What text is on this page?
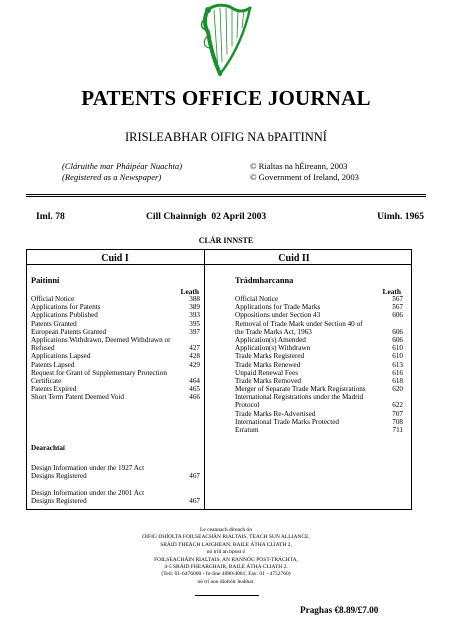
PATENTS OFFICE JOURNAL
IRISLEABHAR OIFIG NA bPAITINNÍ
(Cláruithe mar Pháipéar Nuachta)
(Registered as a Newspaper)
© Rialtas na hÉireann, 2003
© Government of Ireland, 2003
Iml. 78	Cill Chainnigh  02 April 2003	Uimh. 1965
CLÁR INNSTE
Cuid I	Cuid II
Paitinní
Leath
Official Notice	388
Applications for Patents	389
Applications Published	393
Patents Granted	395
European Patents Granted	397
Applications Withdrawn, Deemed Withdrawn or
Refused	427
Applications Lapsed	428
Patents Lapsed	429
Request for Grant of Supplementary Protection
Certificate	464
Patents Expired	465
Short Term Patent Deemed Void	466
Dearachtaí
Design Information under the 1927 Act
Designs Registered	467
Design Information under the 2001 Act
Designs Registered	467
Trádmharcanna
Leath
Official Notice	567
Applications for Trade Marks	567
Oppositions under Section 43	606
Removal of Trade Mark under Section 40 of
the Trade Marks Act, 1963	606
Application(s) Amended	606
Application(s) Withdrawn	610
Trade Marks Registered	610
Trade Marks Renewed	613
Unpaid Renewal Fees	616
Trade Marks Removed	618
Merger of Separate Trade Mark Registrations	620
International Registrations under the Madrid
Protocol	622
Trade Marks Re-Advertised	707
International Trade Marks Protected	708
Erratum	711
Le ceannach díreach ón
OIFIG DHÍOLTA FOILSEACHÁN RIALTAIS, TEACH SUN ALLIANCE,
SRÁID THEACH LAIGHEAN, BAILE ÁTHA CLIATH 2,
nó tríd an bpost ó
FOILSEACHÁIN RIALTAIS, AN RANNÓG POST-TRÁCHTA,
4-5 SRÁID FHEARCHAIR, BAILE ÁTHA CLIATH 2.
(Teil: 01-6476000 - fo-líne 4080/4081; Fax: 01 - 4752760)
nó trí aon díoltóir leabhar.
Praghas €8.89/£7.00
